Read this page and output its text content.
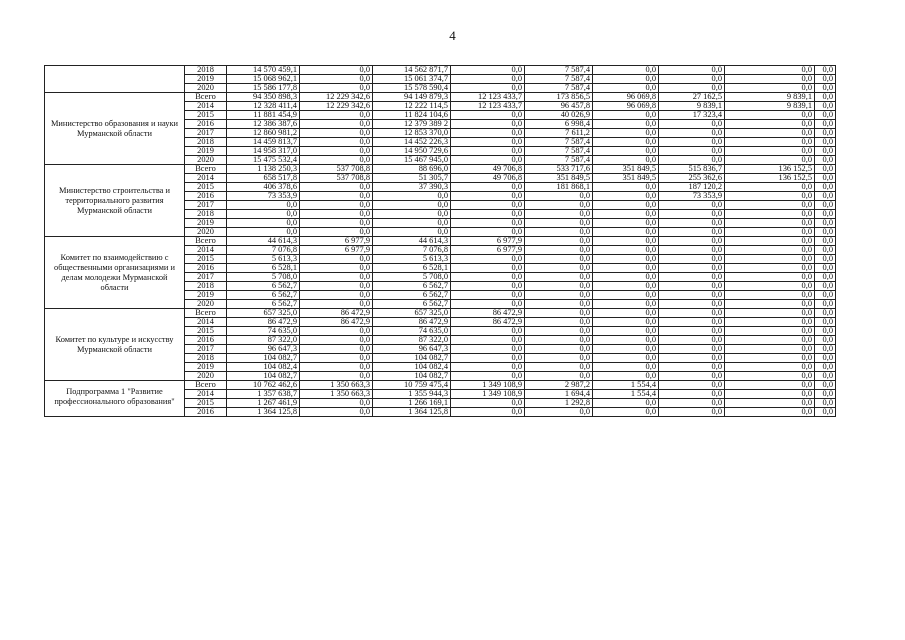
4
	2018	14 570 459,1	0,0	14 562 871,7	0,0	7 587,4	0,0	0,0	0,0	0,0
	2019	15 068 962,1	0,0	15 061 374,7	0,0	7 587,4	0,0	0,0	0,0	0,0
	2020	15 586 177,8	0,0	15 578 590,4	0,0	7 587,4	0,0	0,0	0,0	0,0
Министерство образования и науки Мурманской области	Всего	94 350 898,3	12 229 342,6	94 149 879,3	12 123 433,7	173 856,5	96 069,8	27 162,5	9 839,1	0,0
	2014	12 328 411,4	12 229 342,6	12 222 114,5	12 123 433,7	96 457,8	96 069,8	9 839,1	9 839,1	0,0
	2015	11 881 454,9	0,0	11 824 104,6	0,0	40 026,9	0,0	17 323,4	0,0	0,0
	2016	12 386 387,6	0,0	12 379 389 2	0,0	6 998,4	0,0	0,0	0,0	0,0
	2017	12 860 981,2	0,0	12 853 370,0	0,0	7 611,2	0,0	0,0	0,0	0,0
	2018	14 459 813,7	0,0	14 452 226,3	0,0	7 587,4	0,0	0,0	0,0	0,0
	2019	14 958 317,0	0,0	14 950 729,6	0,0	7 587,4	0,0	0,0	0,0	0,0
	2020	15 475 532,4	0,0	15 467 945,0	0,0	7 587,4	0,0	0,0	0,0	0,0
Министерство строительства и территориального развития Мурманской области	Всего	1 138 250,3	537 708,8	88 696,0	49 706,8	533 717,6	351 849,5	515 836,7	136 152,5	0,0
	2014	658 517,8	537 708,8	51 305,7	49 706,8	351 849,5	351 849,5	255 362,6	136 152,5	0,0
	2015	406 378,6	0,0	37 390,3	0,0	181 868,1	0,0	187 120,2	0,0	0,0
	2016	73 353,9	0,0	0,0	0,0	0,0	0,0	73 353,9	0,0	0,0
	2017	0,0	0,0	0,0	0,0	0,0	0,0	0,0	0,0	0,0
	2018	0,0	0,0	0,0	0,0	0,0	0,0	0,0	0,0	0,0
	2019	0,0	0,0	0,0	0,0	0,0	0,0	0,0	0,0	0,0
	2020	0,0	0,0	0,0	0,0	0,0	0,0	0,0	0,0	0,0
Комитет по взаимодействию с общественными организациями и делам молодежи Мурманской области	Всего	44 614,3	6 977,9	44 614,3	6 977,9	0,0	0,0	0,0	0,0	0,0
	2014	7 076,8	6 977,9	7 076,8	6 977,9	0,0	0,0	0,0	0,0	0,0
	2015	5 613,3	0,0	5 613,3	0,0	0,0	0,0	0,0	0,0	0,0
	2016	6 528,1	0,0	6 528,1	0,0	0,0	0,0	0,0	0,0	0,0
	2017	5 708,0	0,0	5 708,0	0,0	0,0	0,0	0,0	0,0	0,0
	2018	6 562,7	0,0	6 562,7	0,0	0,0	0,0	0,0	0,0	0,0
	2019	6 562,7	0,0	6 562,7	0,0	0,0	0,0	0,0	0,0	0,0
	2020	6 562,7	0,0	6 562,7	0,0	0,0	0,0	0,0	0,0	0,0
Комитет по культуре и искусству Мурманской области	Всего	657 325,0	86 472,9	657 325,0	86 472,9	0,0	0,0	0,0	0,0	0,0
	2014	86 472,9	86 472,9	86 472,9	86 472,9	0,0	0,0	0,0	0,0	0,0
	2015	74 635,0	0,0	74 635,0	0,0	0,0	0,0	0,0	0,0	0,0
	2016	87 322,0	0,0	87 322,0	0,0	0,0	0,0	0,0	0,0	0,0
	2017	96 647,3	0,0	96 647,3	0,0	0,0	0,0	0,0	0,0	0,0
	2018	104 082,7	0,0	104 082,7	0,0	0,0	0,0	0,0	0,0	0,0
	2019	104 082,4	0,0	104 082,4	0,0	0,0	0,0	0,0	0,0	0,0
	2020	104 082,7	0,0	104 082,7	0,0	0,0	0,0	0,0	0,0	0,0
Подпрограмма 1 "Развитие профессионального образования"	Всего	10 762 462,6	1 350 663,3	10 759 475,4	1 349 108,9	2 987,2	1 554,4	0,0	0,0	0,0
	2014	1 357 638,7	1 350 663,3	1 355 944,3	1 349 108,9	1 694,4	1 554,4	0,0	0,0	0,0
	2015	1 267 461,9	0,0	1 266 169,1	0,0	1 292,8	0,0	0,0	0,0	0,0
	2016	1 364 125,8	0,0	1 364 125,8	0,0	0,0	0,0	0,0	0,0	0,0
